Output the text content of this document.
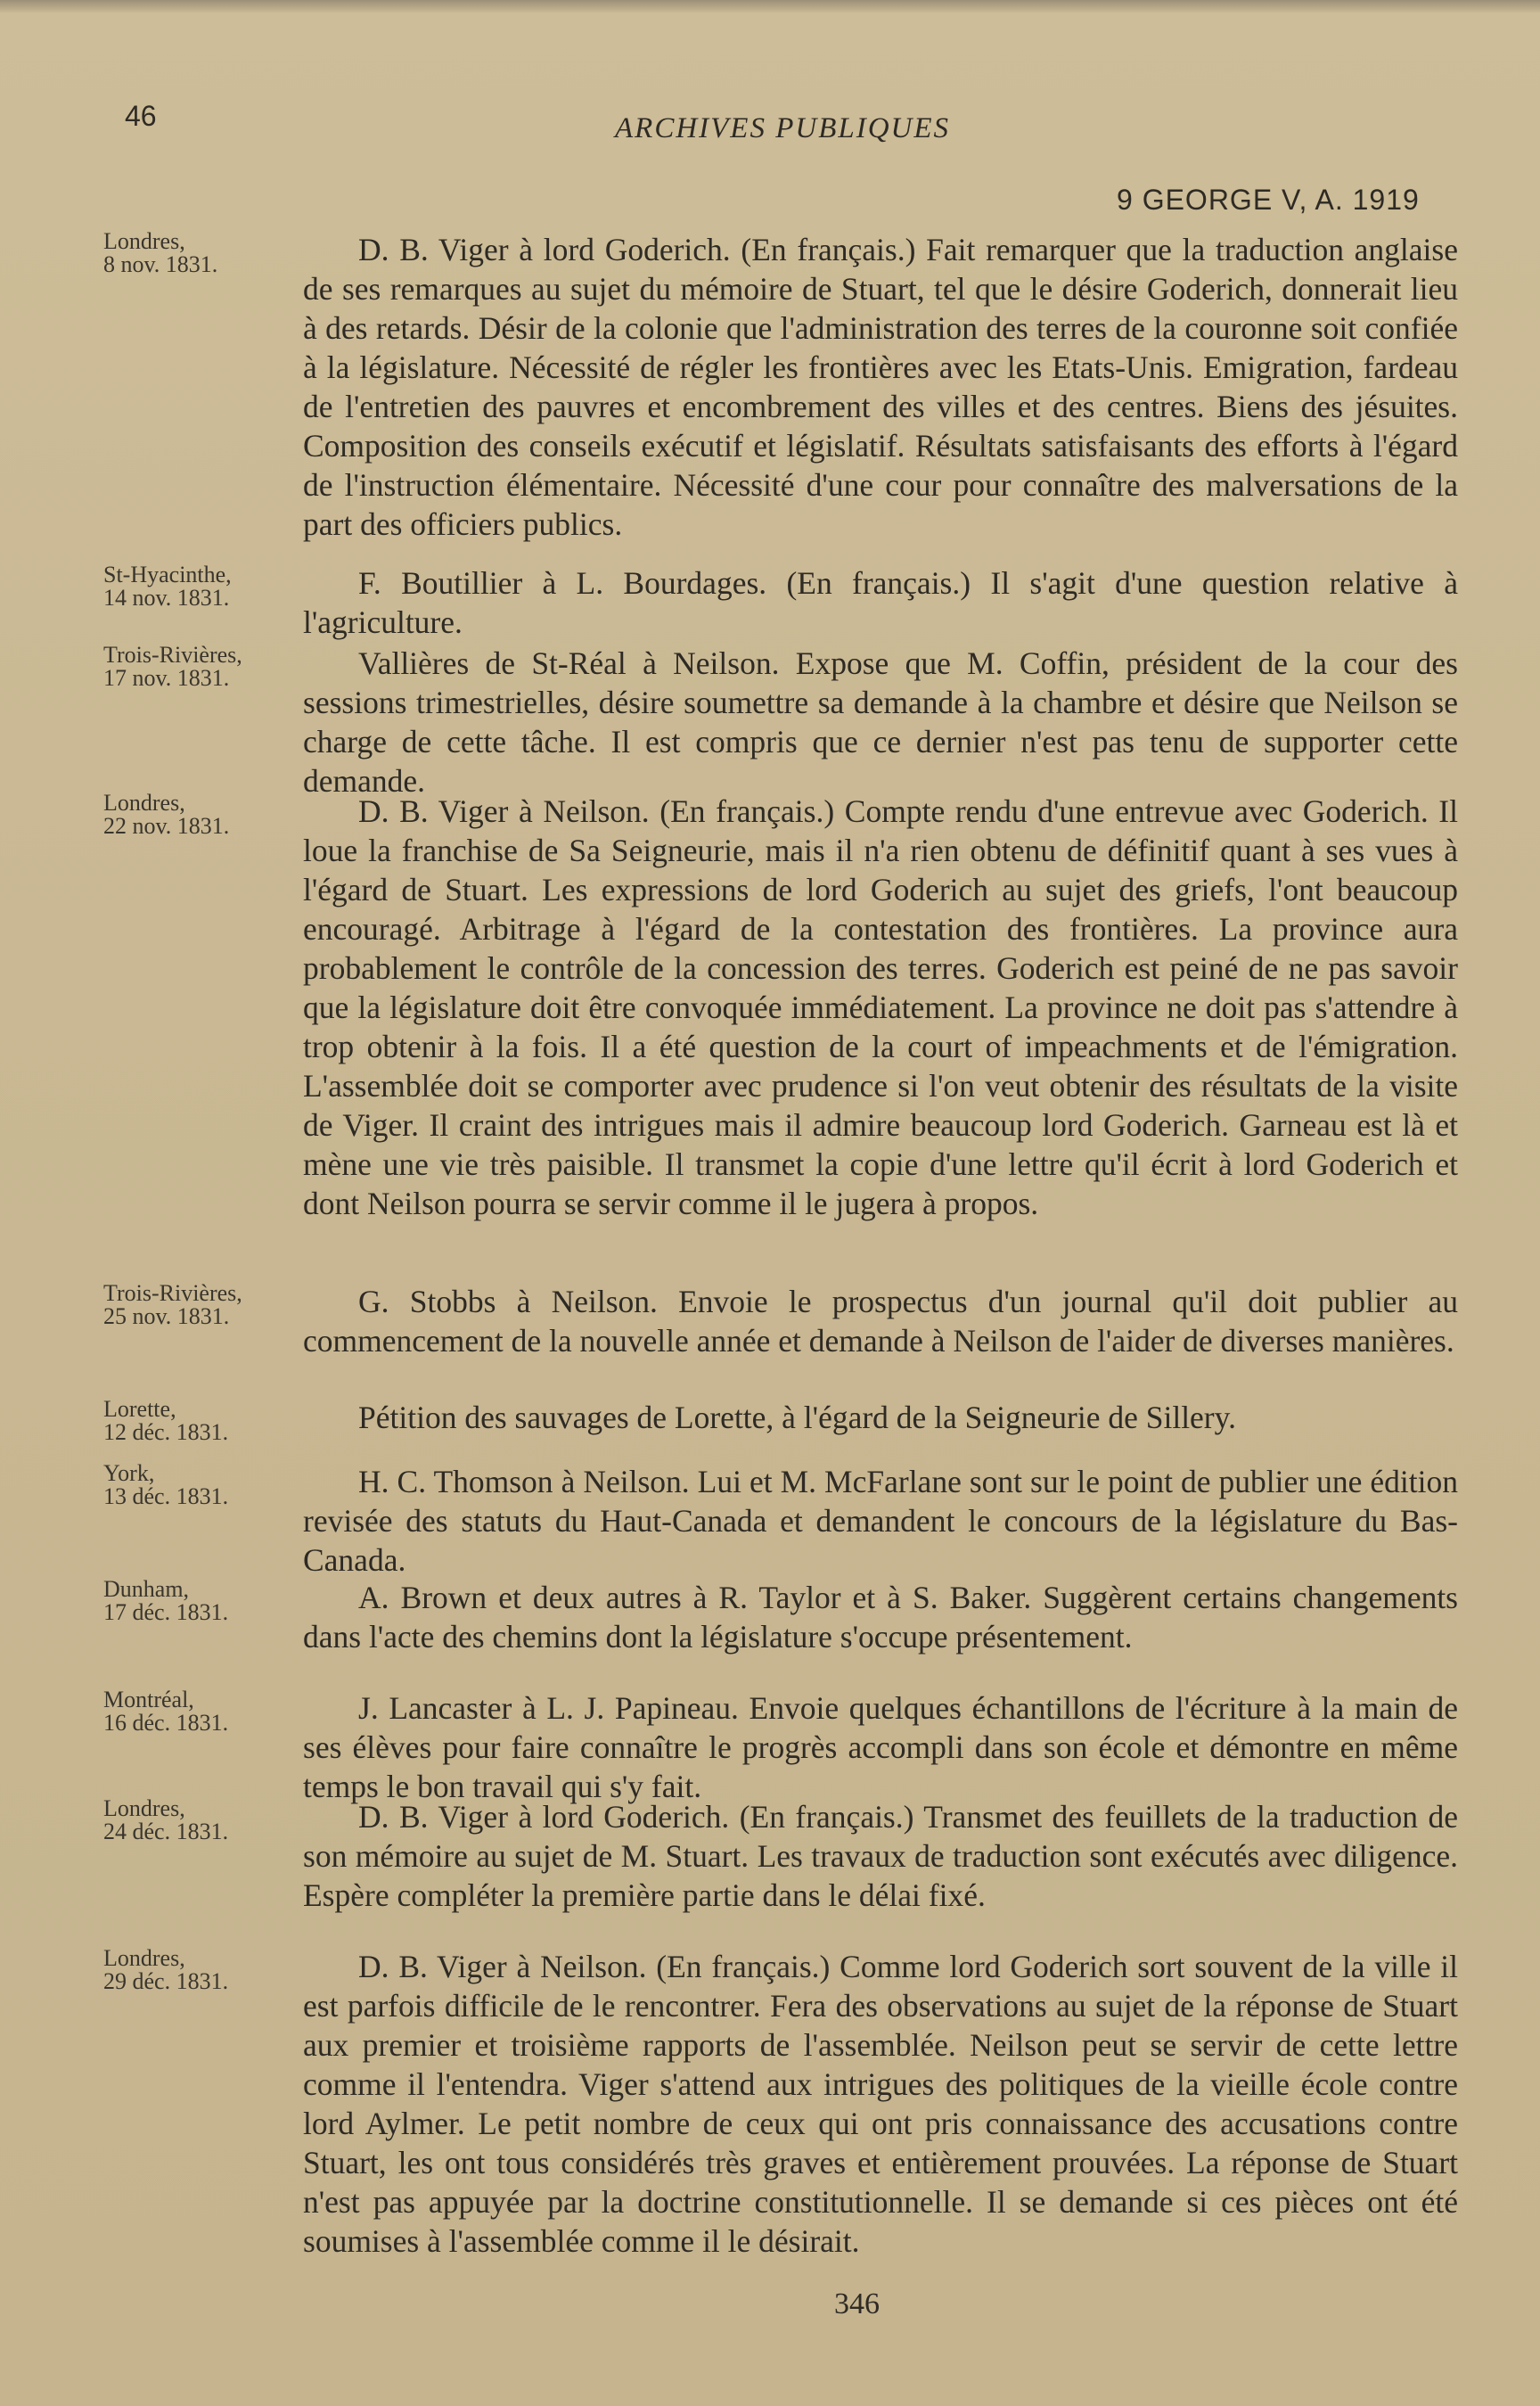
46	ARCHIVES PUBLIQUES
9 GEORGE V, A. 1919
Londres,
8 nov. 1831.	D. B. Viger à lord Goderich. (En français.) Fait remarquer que la traduction anglaise de ses remarques au sujet du mémoire de Stuart, tel que le désire Goderich, donnerait lieu à des retards. Désir de la colonie que l'administration des terres de la couronne soit confiée à la législature. Nécessité de régler les frontières avec les Etats-Unis. Emigration, fardeau de l'entretien des pauvres et encombrement des villes et des centres. Biens des jésuites. Composition des conseils exécutif et législatif. Résultats satisfaisants des efforts à l'égard de l'instruction élémentaire. Nécessité d'une cour pour connaître des malversations de la part des officiers publics.
St-Hyacinthe,
14 nov. 1831.	F. Boutillier à L. Bourdages. (En français.) Il s'agit d'une question relative à l'agriculture.
Trois-Rivières,
17 nov. 1831.	Vallières de St-Réal à Neilson. Expose que M. Coffin, président de la cour des sessions trimestrielles, désire soumettre sa demande à la chambre et désire que Neilson se charge de cette tâche. Il est compris que ce dernier n'est pas tenu de supporter cette demande.
Londres,
22 nov. 1831.	D. B. Viger à Neilson. (En français.) Compte rendu d'une entrevue avec Goderich. Il loue la franchise de Sa Seigneurie, mais il n'a rien obtenu de définitif quant à ses vues à l'égard de Stuart. Les expressions de lord Goderich au sujet des griefs, l'ont beaucoup encouragé. Arbitrage à l'égard de la contestation des frontières. La province aura probablement le contrôle de la concession des terres. Goderich est peiné de ne pas savoir que la législature doit être convoquée immédiatement. La province ne doit pas s'attendre à trop obtenir à la fois. Il a été question de la court of impeachments et de l'émigration. L'assemblée doit se comporter avec prudence si l'on veut obtenir des résultats de la visite de Viger. Il craint des intrigues mais il admire beaucoup lord Goderich. Garneau est là et mène une vie très paisible. Il transmet la copie d'une lettre qu'il écrit à lord Goderich et dont Neilson pourra se servir comme il le jugera à propos.
Trois-Rivières,
25 nov. 1831.	G. Stobbs à Neilson. Envoie le prospectus d'un journal qu'il doit publier au commencement de la nouvelle année et demande à Neilson de l'aider de diverses manières.
Lorette,
12 déc. 1831.	Pétition des sauvages de Lorette, à l'égard de la Seigneurie de Sillery.
York,
13 déc. 1831.	H. C. Thomson à Neilson. Lui et M. McFarlane sont sur le point de publier une édition revisée des statuts du Haut-Canada et demandent le concours de la législature du Bas-Canada.
Dunham,
17 déc. 1831.	A. Brown et deux autres à R. Taylor et à S. Baker. Suggèrent certains changements dans l'acte des chemins dont la législature s'occupe présentement.
Montréal,
16 déc. 1831.	J. Lancaster à L. J. Papineau. Envoie quelques échantillons de l'écriture à la main de ses élèves pour faire connaître le progrès accompli dans son école et démontre en même temps le bon travail qui s'y fait.
Londres,
24 déc. 1831.	D. B. Viger à lord Goderich. (En français.) Transmet des feuillets de la traduction de son mémoire au sujet de M. Stuart. Les travaux de traduction sont exécutés avec diligence. Espère compléter la première partie dans le délai fixé.
Londres,
29 déc. 1831.	D. B. Viger à Neilson. (En français.) Comme lord Goderich sort souvent de la ville il est parfois difficile de le rencontrer. Fera des observations au sujet de la réponse de Stuart aux premier et troisième rapports de l'assemblée. Neilson peut se servir de cette lettre comme il l'entendra. Viger s'attend aux intrigues des politiques de la vieille école contre lord Aylmer. Le petit nombre de ceux qui ont pris connaissance des accusations contre Stuart, les ont tous considérés très graves et entièrement prouvées. La réponse de Stuart n'est pas appuyée par la doctrine constitutionnelle. Il se demande si ces pièces ont été soumises à l'assemblée comme il le désirait.
346
